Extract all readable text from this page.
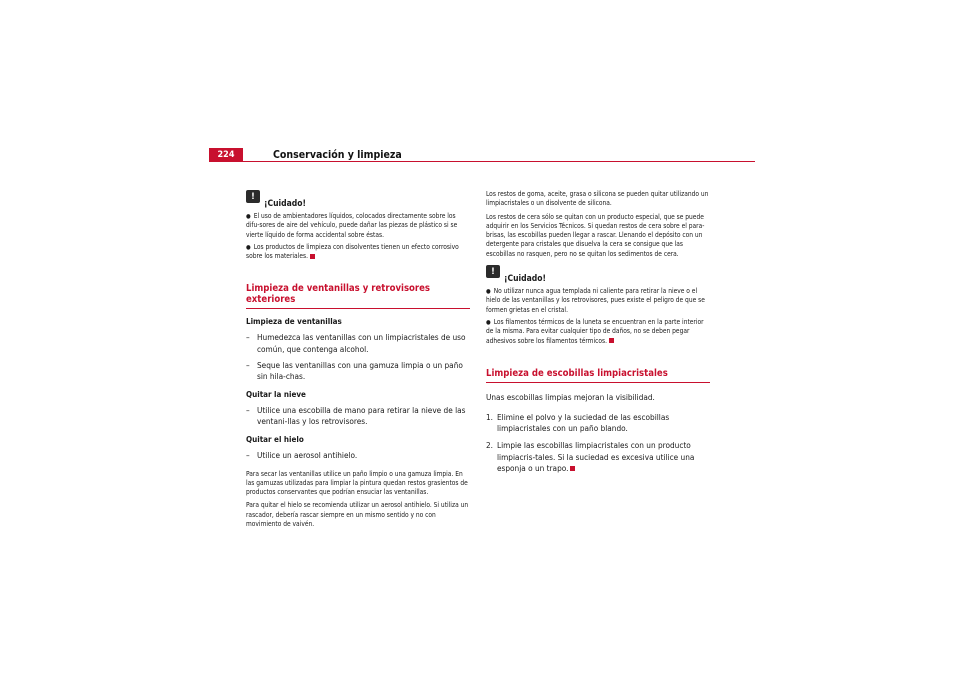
224	Conservación y limpieza
!
¡Cuidado!
● El uso de ambientadores líquidos, colocados directamente sobre los difu-sores de aire del vehículo, puede dañar las piezas de plástico si se vierte líquido de forma accidental sobre éstas.
● Los productos de limpieza con disolventes tienen un efecto corrosivo sobre los materiales.
Limpieza de ventanillas y retrovisores exteriores
Limpieza de ventanillas
– Humedezca las ventanillas con un limpiacristales de uso común, que contenga alcohol.
– Seque las ventanillas con una gamuza limpia o un paño sin hila-chas.
Quitar la nieve
– Utilice una escobilla de mano para retirar la nieve de las ventani-llas y los retrovisores.
Quitar el hielo
– Utilice un aerosol antihielo.

Para secar las ventanillas utilice un paño limpio o una gamuza limpia. En las gamuzas utilizadas para limpiar la pintura quedan restos grasientos de productos conservantes que podrían ensuciar las ventanillas.

Para quitar el hielo se recomienda utilizar un aerosol antihielo. Si utiliza un rascador, debería rascar siempre en un mismo sentido y no con movimiento de vaivén.

Los restos de goma, aceite, grasa o silicona se pueden quitar utilizando un limpiacristales o un disolvente de silicona.

Los restos de cera sólo se quitan con un producto especial, que se puede adquirir en los Servicios Técnicos. Si quedan restos de cera sobre el para-brisas, las escobillas pueden llegar a rascar. Llenando el depósito con un detergente para cristales que disuelva la cera se consigue que las escobillas no rasquen, pero no se quitan los sedimentos de cera.

!
¡Cuidado!
● No utilizar nunca agua templada ni caliente para retirar la nieve o el hielo de las ventanillas y los retrovisores, pues existe el peligro de que se formen grietas en el cristal.
● Los filamentos térmicos de la luneta se encuentran en la parte interior de la misma. Para evitar cualquier tipo de daños, no se deben pegar adhesivos sobre los filamentos térmicos.
Limpieza de escobillas limpiacristales

Unas escobillas limpias mejoran la visibilidad.

1. Elimine el polvo y la suciedad de las escobillas limpiacristales con un paño blando.
2. Limpie las escobillas limpiacristales con un producto limpiacris-tales. Si la suciedad es excesiva utilice una esponja o un trapo.
